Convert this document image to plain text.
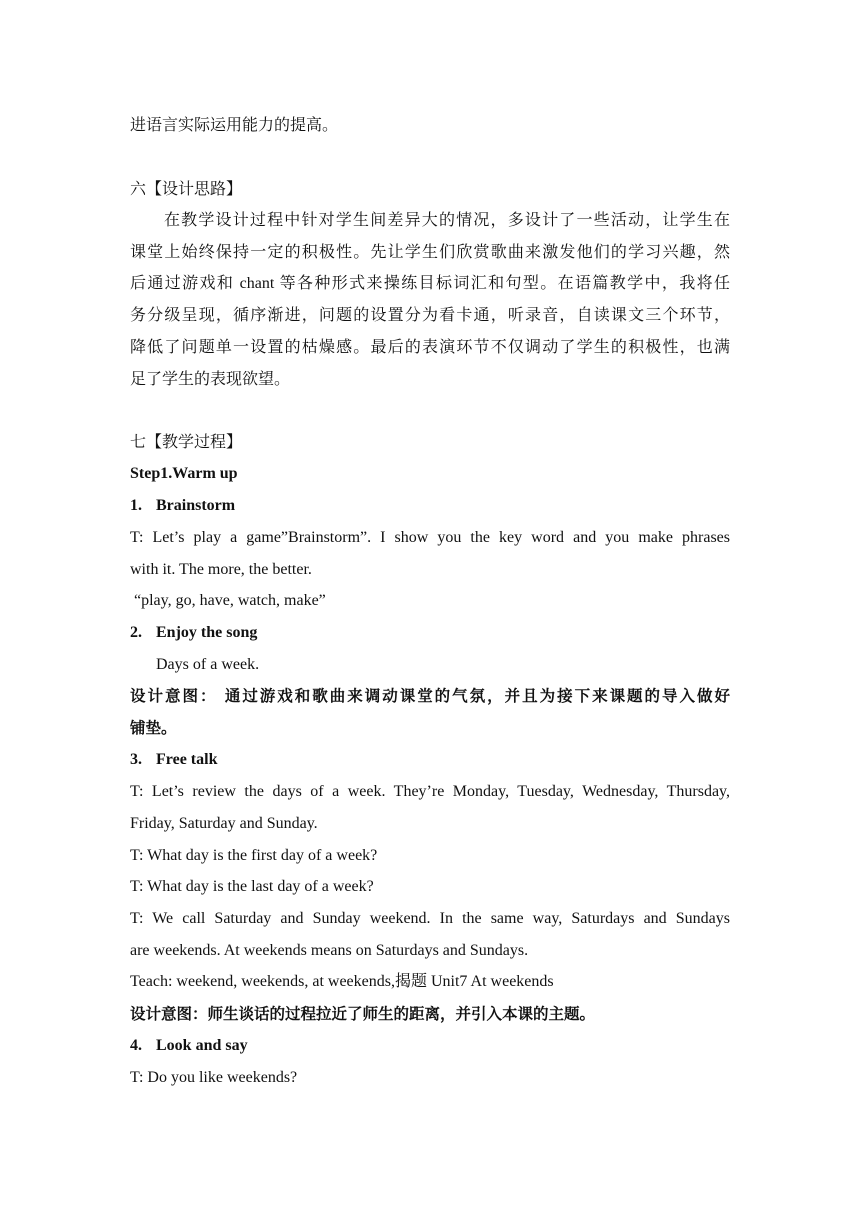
进语言实际运用能力的提高。
六【设计思路】
在教学设计过程中针对学生间差异大的情况，多设计了一些活动，让学生在
课堂上始终保持一定的积极性。先让学生们欣赏歌曲来激发他们的学习兴趣，然
后通过游戏和 chant 等各种形式来操练目标词汇和句型。在语篇教学中，我将任
务分级呈现，循序渐进，问题的设置分为看卡通，听录音，自读课文三个环节，
降低了问题单一设置的枯燥感。最后的表演环节不仅调动了学生的积极性，也满
足了学生的表现欲望。
七【教学过程】
Step1.Warm up
1. Brainstorm
T: Let’s play a game”Brainstorm”. I show you the key word and you make phrases
with it. The more, the better.
“play, go, have, watch, make”
2. Enjoy the song
Days of a week.
设计意图： 通过游戏和歌曲来调动课堂的气氛，并且为接下来课题的导入做好
铺垫。
3. Free talk
T: Let’s review the days of a week. They’re Monday, Tuesday, Wednesday, Thursday,
Friday, Saturday and Sunday.
T: What day is the first day of a week?
T: What day is the last day of a week?
T: We call Saturday and Sunday weekend. In the same way, Saturdays and Sundays
are weekends. At weekends means on Saturdays and Sundays.
Teach: weekend, weekends, at weekends,揭题 Unit7 At weekends
设计意图：师生谈话的过程拉近了师生的距离，并引入本课的主题。
4. Look and say
T: Do you like weekends?
